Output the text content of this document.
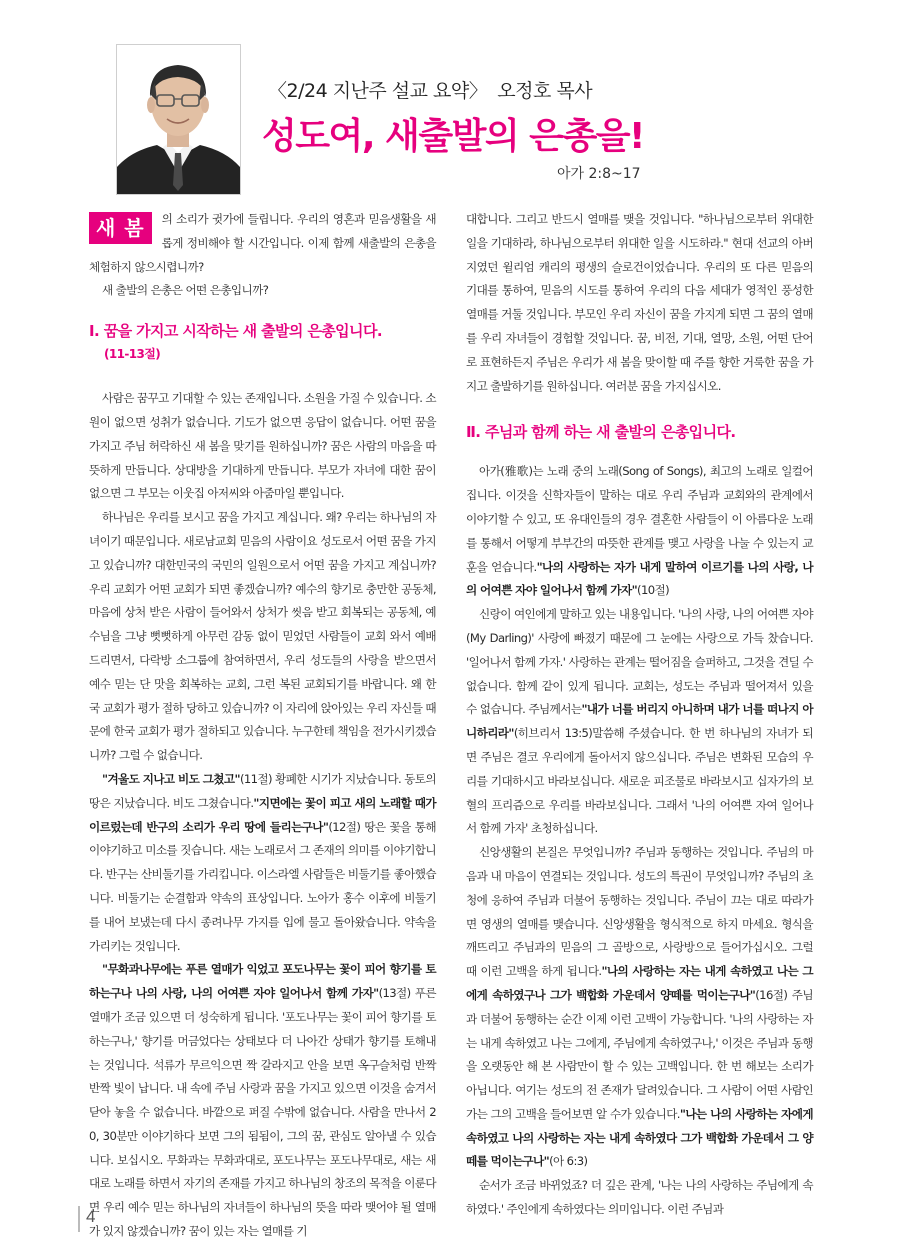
〈2/24 지난주 설교 요약〉 오정호 목사
성도여, 새출발의 은총을!
아가 2:8~17

새 봄	의 소리가 귓가에 들립니다. 우리의 영혼과 믿음생활을 새롭게 정비해야 할 시간입니다. 이제 함께 새출발의 은총을 체험하지 않으시렵니까?

새 출발의 은총은 어떤 은총입니까?

Ⅰ. 꿈을 가지고 시작하는 새 출발의 은총입니다.
(11-13절)

사람은 꿈꾸고 기대할 수 있는 존재입니다. 소원을 가질 수 있습니다. 소원이 없으면 성취가 없습니다. 기도가 없으면 응답이 없습니다. 어떤 꿈을 가지고 주님 허락하신 새 봄을 맞기를 원하십니까? 꿈은 사람의 마음을 따뜻하게 만듭니다. 상대방을 기대하게 만듭니다. 부모가 자녀에 대한 꿈이 없으면 그 부모는 이웃집 아저씨와 아줌마일 뿐입니다.

하나님은 우리를 보시고 꿈을 가지고 계십니다. 왜? 우리는 하나님의 자녀이기 때문입니다. 새로남교회 믿음의 사람이요 성도로서 어떤 꿈을 가지고 있습니까? 대한민국의 국민의 일원으로서 어떤 꿈을 가지고 계십니까? 우리 교회가 어떤 교회가 되면 좋겠습니까? 예수의 향기로 충만한 공동체, 마음에 상처 받은 사람이 들어와서 상처가 씻음 받고 회복되는 공동체, 예수님을 그냥 뻣뻣하게 아무런 감동 없이 믿었던 사람들이 교회 와서 예배드리면서, 다락방 소그룹에 참여하면서, 우리 성도들의 사랑을 받으면서 예수 믿는 단 맛을 회복하는 교회, 그런 복된 교회되기를 바랍니다. 왜 한국 교회가 평가 절하 당하고 있습니까? 이 자리에 앉아있는 우리 자신들 때문에 한국 교회가 평가 절하되고 있습니다. 누구한테 책임을 전가시키겠습니까? 그럴 수 없습니다.

"겨울도 지나고 비도 그쳤고"(11절) 황폐한 시기가 지났습니다. 동토의 땅은 지났습니다. 비도 그쳤습니다."지면에는 꽃이 피고 새의 노래할 때가 이르렀는데 반구의 소리가 우리 땅에 들리는구나"(12절) 땅은 꽃을 통해 이야기하고 미소를 짓습니다. 새는 노래로서 그 존재의 의미를 이야기합니다. 반구는 산비둘기를 가리킵니다. 이스라엘 사람들은 비둘기를 좋아했습니다. 비둘기는 순결함과 약속의 표상입니다. 노아가 홍수 이후에 비둘기를 내어 보냈는데 다시 종려나무 가지를 입에 물고 돌아왔습니다. 약속을 가리키는 것입니다.

"무화과나무에는 푸른 열매가 익었고 포도나무는 꽃이 피어 향기를 토하는구나 나의 사랑, 나의 어여쁜 자야 일어나서 함께 가자"(13절) 푸른 열매가 조금 있으면 더 성숙하게 됩니다. '포도나무는 꽃이 피어 향기를 토하는구나,' 향기를 머금었다는 상태보다 더 나아간 상태가 향기를 토해내는 것입니다. 석류가 무르익으면 짝 갈라지고 안을 보면 옥구슬처럼 반짝반짝 빛이 납니다. 내 속에 주님 사랑과 꿈을 가지고 있으면 이것을 숨겨서 닫아 놓을 수 없습니다. 바깥으로 퍼질 수밖에 없습니다. 사람을 만나서 20, 30분만 이야기하다 보면 그의 됨됨이, 그의 꿈, 관심도 알아낼 수 있습니다. 보십시오. 무화과는 무화과대로, 포도나무는 포도나무대로, 새는 새대로 노래를 하면서 자기의 존재를 가지고 하나님의 창조의 목적을 이룬다면 우리 예수 믿는 하나님의 자녀들이 하나님의 뜻을 따라 맺어야 될 열매가 있지 않겠습니까? 꿈이 있는 자는 열매를 기

대합니다. 그리고 반드시 열매를 맺을 것입니다. "하나님으로부터 위대한 일을 기대하라, 하나님으로부터 위대한 일을 시도하라." 현대 선교의 아버지였던 윌리엄 캐리의 평생의 슬로건이었습니다. 우리의 또 다른 믿음의 기대를 통하여, 믿음의 시도를 통하여 우리의 다음 세대가 영적인 풍성한 열매를 거둘 것입니다. 부모인 우리 자신이 꿈을 가지게 되면 그 꿈의 열매를 우리 자녀들이 경험할 것입니다. 꿈, 비전, 기대, 열망, 소원, 어떤 단어로 표현하든지 주님은 우리가 새 봄을 맞이할 때 주를 향한 거룩한 꿈을 가지고 출발하기를 원하십니다. 여러분 꿈을 가지십시오.

Ⅱ. 주님과 함께 하는 새 출발의 은총입니다.

아가(雅歌)는 노래 중의 노래(Song of Songs), 최고의 노래로 일컬어집니다. 이것을 신학자들이 말하는 대로 우리 주님과 교회와의 관계에서 이야기할 수 있고, 또 유대인들의 경우 결혼한 사람들이 이 아름다운 노래를 통해서 어떻게 부부간의 따뜻한 관계를 맺고 사랑을 나눌 수 있는지 교훈을 얻습니다."나의 사랑하는 자가 내게 말하여 이르기를 나의 사랑, 나의 어여쁜 자야 일어나서 함께 가자"(10절)

신랑이 여인에게 말하고 있는 내용입니다. '나의 사랑, 나의 어여쁜 자야(My Darling)' 사랑에 빠졌기 때문에 그 눈에는 사랑으로 가득 찼습니다. '일어나서 함께 가자.' 사랑하는 관계는 떨어짐을 슬퍼하고, 그것을 견딜 수 없습니다. 함께 같이 있게 됩니다. 교회는, 성도는 주님과 떨어져서 있을 수 없습니다. 주님께서는"내가 너를 버리지 아니하며 내가 너를 떠나지 아니하리라"(히브리서 13:5)말씀해 주셨습니다. 한 번 하나님의 자녀가 되면 주님은 결코 우리에게 돌아서지 않으십니다. 주님은 변화된 모습의 우리를 기대하시고 바라보십니다. 새로운 피조물로 바라보시고 십자가의 보혈의 프리즘으로 우리를 바라보십니다. 그래서 '나의 어여쁜 자여 일어나서 함께 가자' 초청하십니다.

신앙생활의 본질은 무엇입니까? 주님과 동행하는 것입니다. 주님의 마음과 내 마음이 연결되는 것입니다. 성도의 특권이 무엇입니까? 주님의 초청에 응하여 주님과 더불어 동행하는 것입니다. 주님이 끄는 대로 따라가면 영생의 열매를 맺습니다. 신앙생활을 형식적으로 하지 마세요. 형식을 깨뜨리고 주님과의 믿음의 그 골방으로, 사랑방으로 들어가십시오. 그럴 때 이런 고백을 하게 됩니다."나의 사랑하는 자는 내게 속하였고 나는 그에게 속하였구나 그가 백합화 가운데서 양떼를 먹이는구나"(16절) 주님과 더불어 동행하는 순간 이제 이런 고백이 가능합니다. '나의 사랑하는 자는 내게 속하였고 나는 그에게, 주님에게 속하였구나,' 이것은 주님과 동행을 오랫동안 해 본 사람만이 할 수 있는 고백입니다. 한 번 해보는 소리가 아닙니다. 여기는 성도의 전 존재가 달려있습니다. 그 사람이 어떤 사람인가는 그의 고백을 들어보면 알 수가 있습니다."나는 나의 사랑하는 자에게 속하였고 나의 사랑하는 자는 내게 속하였다 그가 백합화 가운데서 그 양떼를 먹이는구나"(아 6:3)

순서가 조금 바뀌었죠? 더 깊은 관계, '나는 나의 사랑하는 주님에게 속하였다.' 주인에게 속하였다는 의미입니다. 이런 주님과

4
